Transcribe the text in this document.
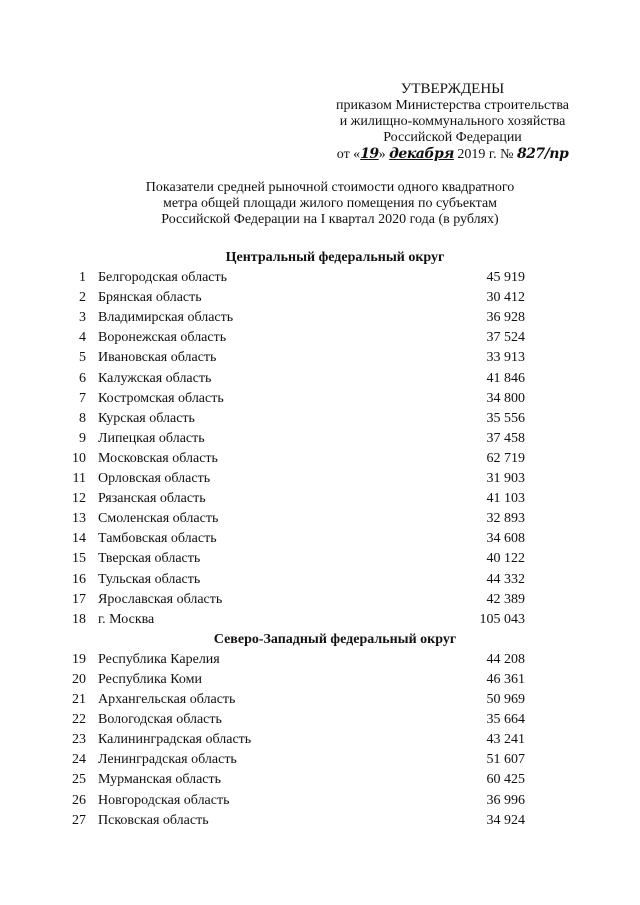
УТВЕРЖДЕНЫ
приказом Министерства строительства
и жилищно-коммунального хозяйства
Российской Федерации
от «19» декабря 2019 г. № 827/пр
Показатели средней рыночной стоимости одного квадратного
метра общей площади жилого помещения по субъектам
Российской Федерации на I квартал 2020 года (в рублях)
Центральный федеральный округ
1 Белгородская область	45 919
2 Брянская область	30 412
3 Владимирская область	36 928
4 Воронежская область	37 524
5 Ивановская область	33 913
6 Калужская область	41 846
7 Костромская область	34 800
8 Курская область	35 556
9 Липецкая область	37 458
10 Московская область	62 719
11 Орловская область	31 903
12 Рязанская область	41 103
13 Смоленская область	32 893
14 Тамбовская область	34 608
15 Тверская область	40 122
16 Тульская область	44 332
17 Ярославская область	42 389
18 г. Москва	105 043
Северо-Западный федеральный округ
19 Республика Карелия	44 208
20 Республика Коми	46 361
21 Архангельская область	50 969
22 Вологодская область	35 664
23 Калининградская область	43 241
24 Ленинградская область	51 607
25 Мурманская область	60 425
26 Новгородская область	36 996
27 Псковская область	34 924
